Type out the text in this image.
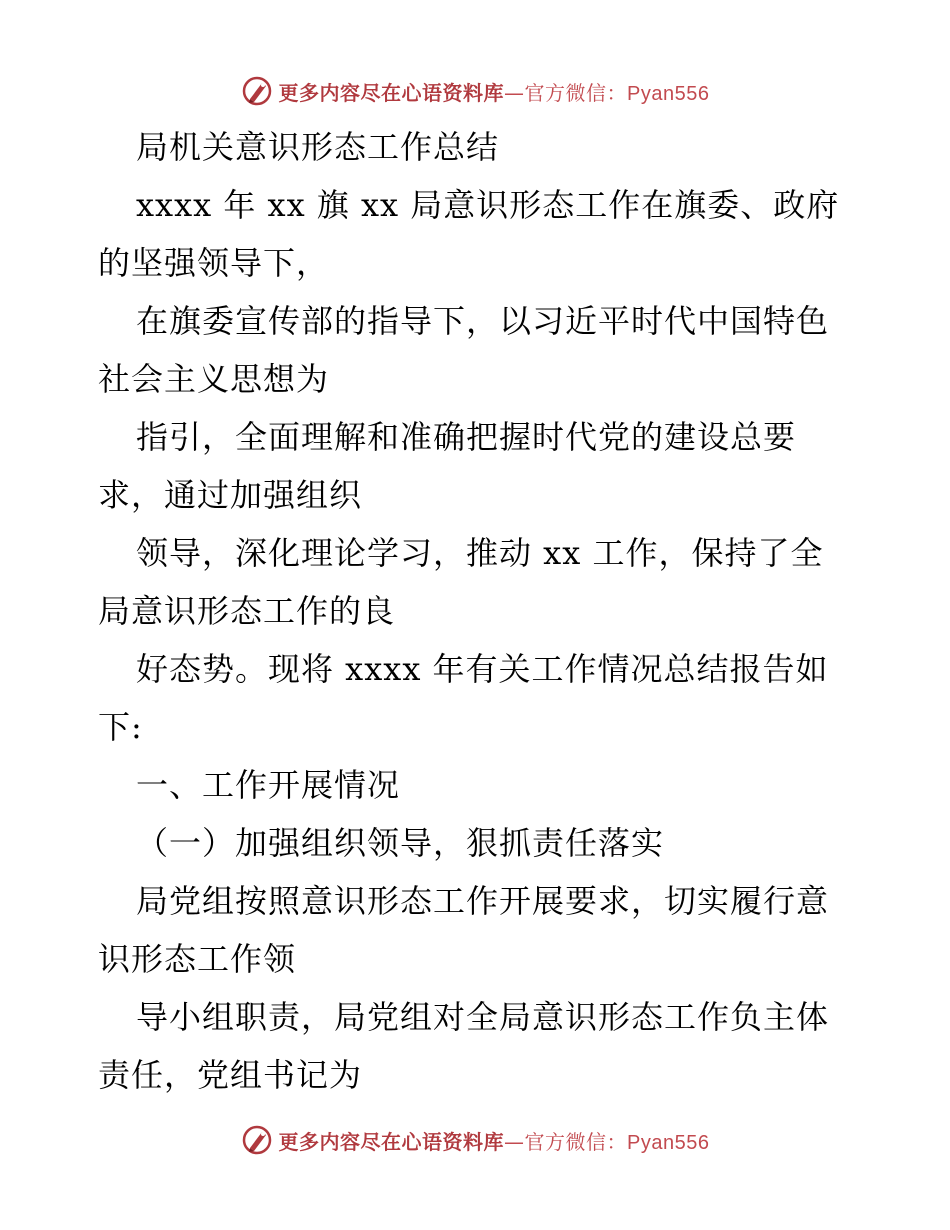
更多内容尽在心语资料库—官方微信：Pyan556
局机关意识形态工作总结
xxxx 年 xx 旗 xx 局意识形态工作在旗委、政府
的坚强领导下，
在旗委宣传部的指导下，以习近平时代中国特色
社会主义思想为
指引，全面理解和准确把握时代党的建设总要
求，通过加强组织
领导，深化理论学习，推动 xx 工作，保持了全
局意识形态工作的良
好态势。现将 xxxx 年有关工作情况总结报告如
下:
一、工作开展情况
（一）加强组织领导，狠抓责任落实
局党组按照意识形态工作开展要求，切实履行意
识形态工作领
导小组职责，局党组对全局意识形态工作负主体
责任，党组书记为
更多内容尽在心语资料库—官方微信：Pyan556
